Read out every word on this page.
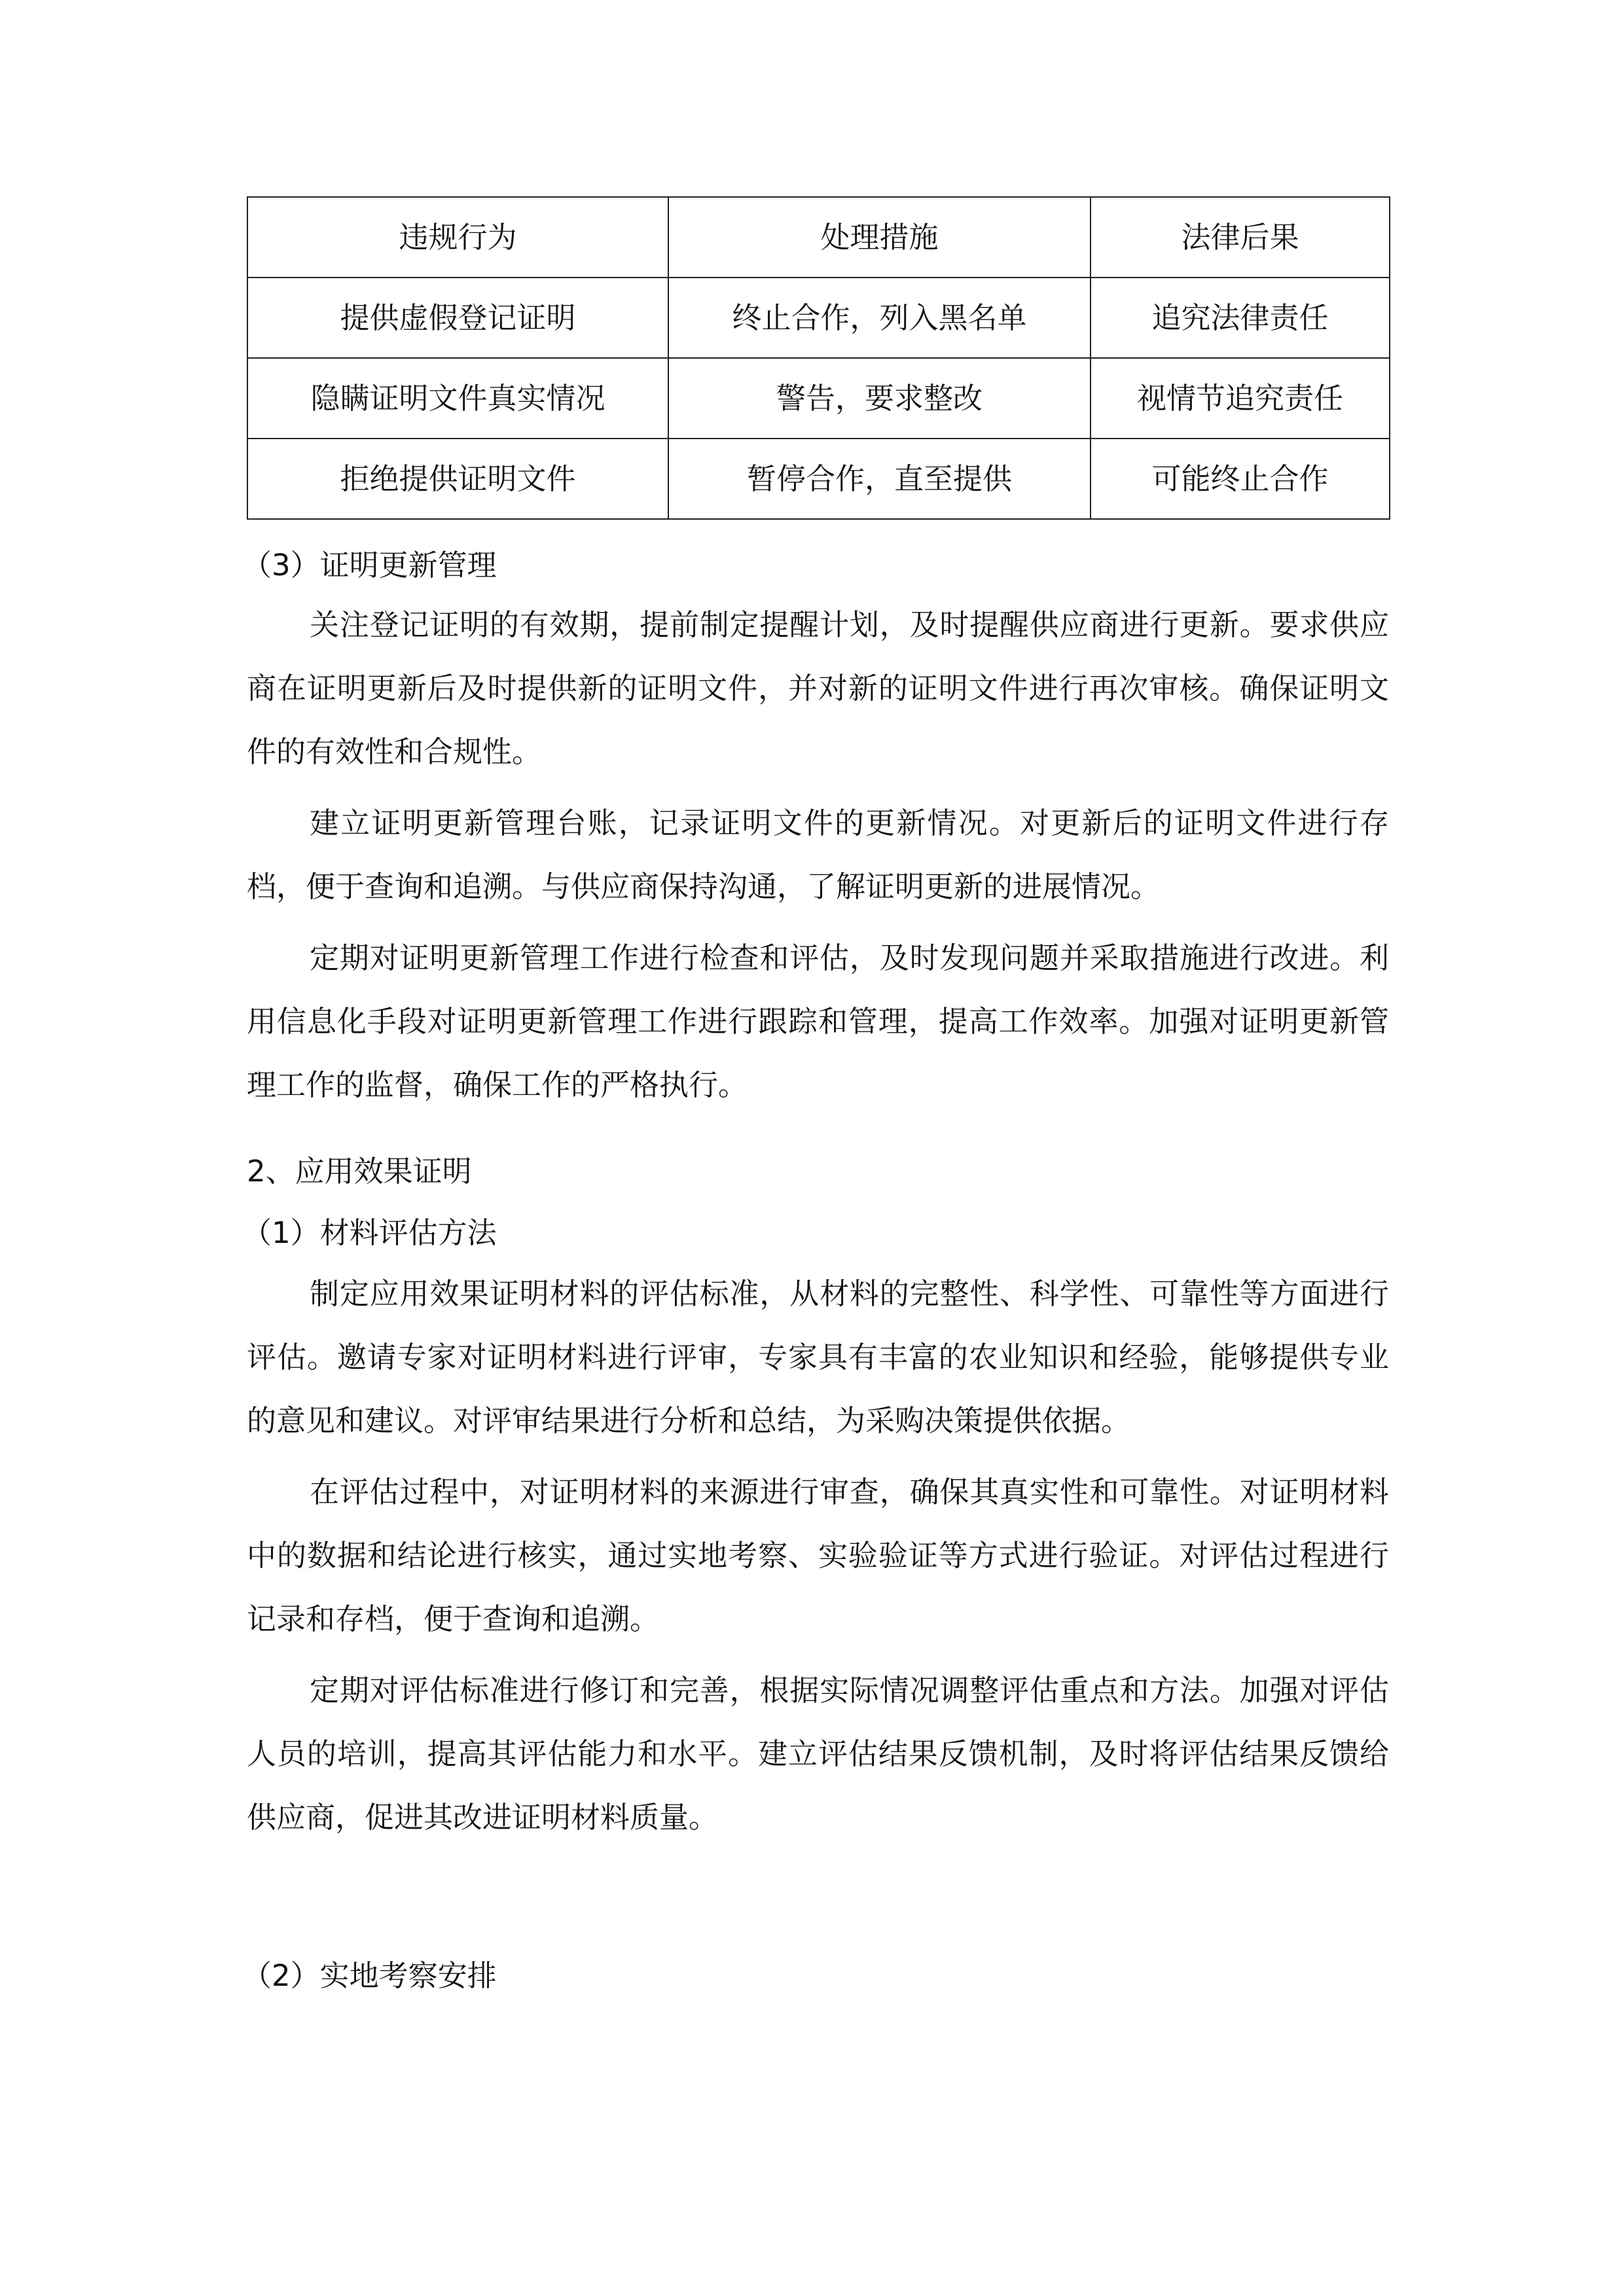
违规行为	处理措施	法律后果
提供虚假登记证明	终止合作，列入黑名单	追究法律责任
隐瞒证明文件真实情况	警告，要求整改	视情节追究责任
拒绝提供证明文件	暂停合作，直至提供	可能终止合作
（3）证明更新管理

关注登记证明的有效期，提前制定提醒计划，及时提醒供应商进行更新。要求供应商在证明更新后及时提供新的证明文件，并对新的证明文件进行再次审核。确保证明文件的有效性和合规性。

建立证明更新管理台账，记录证明文件的更新情况。对更新后的证明文件进行存档，便于查询和追溯。与供应商保持沟通，了解证明更新的进展情况。

定期对证明更新管理工作进行检查和评估，及时发现问题并采取措施进行改进。利用信息化手段对证明更新管理工作进行跟踪和管理，提高工作效率。加强对证明更新管理工作的监督，确保工作的严格执行。

2、应用效果证明
（1）材料评估方法

制定应用效果证明材料的评估标准，从材料的完整性、科学性、可靠性等方面进行评估。邀请专家对证明材料进行评审，专家具有丰富的农业知识和经验，能够提供专业的意见和建议。对评审结果进行分析和总结，为采购决策提供依据。

在评估过程中，对证明材料的来源进行审查，确保其真实性和可靠性。对证明材料中的数据和结论进行核实，通过实地考察、实验验证等方式进行验证。对评估过程进行记录和存档，便于查询和追溯。

定期对评估标准进行修订和完善，根据实际情况调整评估重点和方法。加强对评估人员的培训，提高其评估能力和水平。建立评估结果反馈机制，及时将评估结果反馈给供应商，促进其改进证明材料质量。

（2）实地考察安排
